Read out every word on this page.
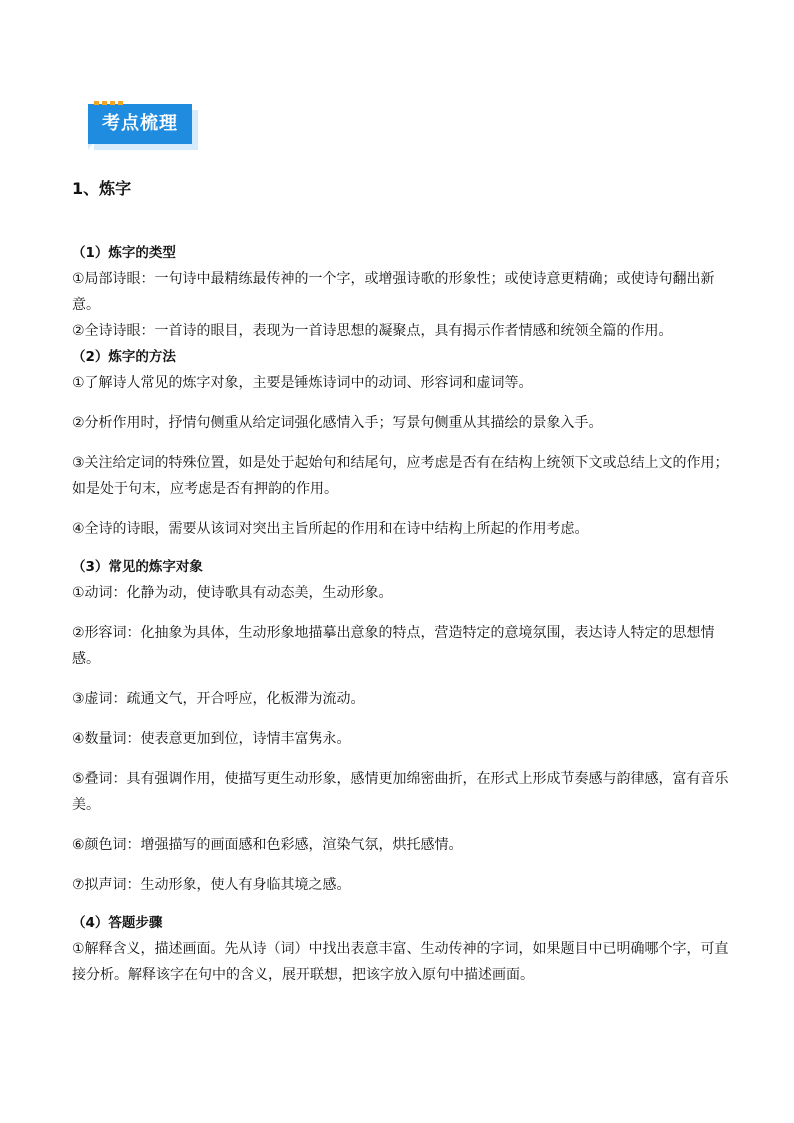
考点梳理
1、炼字
（1）炼字的类型

①局部诗眼：一句诗中最精练最传神的一个字，或增强诗歌的形象性；或使诗意更精确；或使诗句翻出新意。

②全诗诗眼：一首诗的眼目，表现为一首诗思想的凝聚点，具有揭示作者情感和统领全篇的作用。

（2）炼字的方法

①了解诗人常见的炼字对象，主要是锤炼诗词中的动词、形容词和虚词等。

②分析作用时，抒情句侧重从给定词强化感情入手；写景句侧重从其描绘的景象入手。

③关注给定词的特殊位置，如是处于起始句和结尾句，应考虑是否有在结构上统领下文或总结上文的作用；如是处于句末，应考虑是否有押韵的作用。

④全诗的诗眼，需要从该词对突出主旨所起的作用和在诗中结构上所起的作用考虑。

（3）常见的炼字对象

①动词：化静为动，使诗歌具有动态美，生动形象。

②形容词：化抽象为具体，生动形象地描摹出意象的特点，营造特定的意境氛围，表达诗人特定的思想情感。

③虚词：疏通文气，开合呼应，化板滞为流动。

④数量词：使表意更加到位，诗情丰富隽永。

⑤叠词：具有强调作用，使描写更生动形象，感情更加绵密曲折，在形式上形成节奏感与韵律感，富有音乐美。

⑥颜色词：增强描写的画面感和色彩感，渲染气氛，烘托感情。

⑦拟声词：生动形象，使人有身临其境之感。

（4）答题步骤

①解释含义，描述画面。先从诗（词）中找出表意丰富、生动传神的字词，如果题目中已明确哪个字，可直接分析。解释该字在句中的含义，展开联想，把该字放入原句中描述画面。
